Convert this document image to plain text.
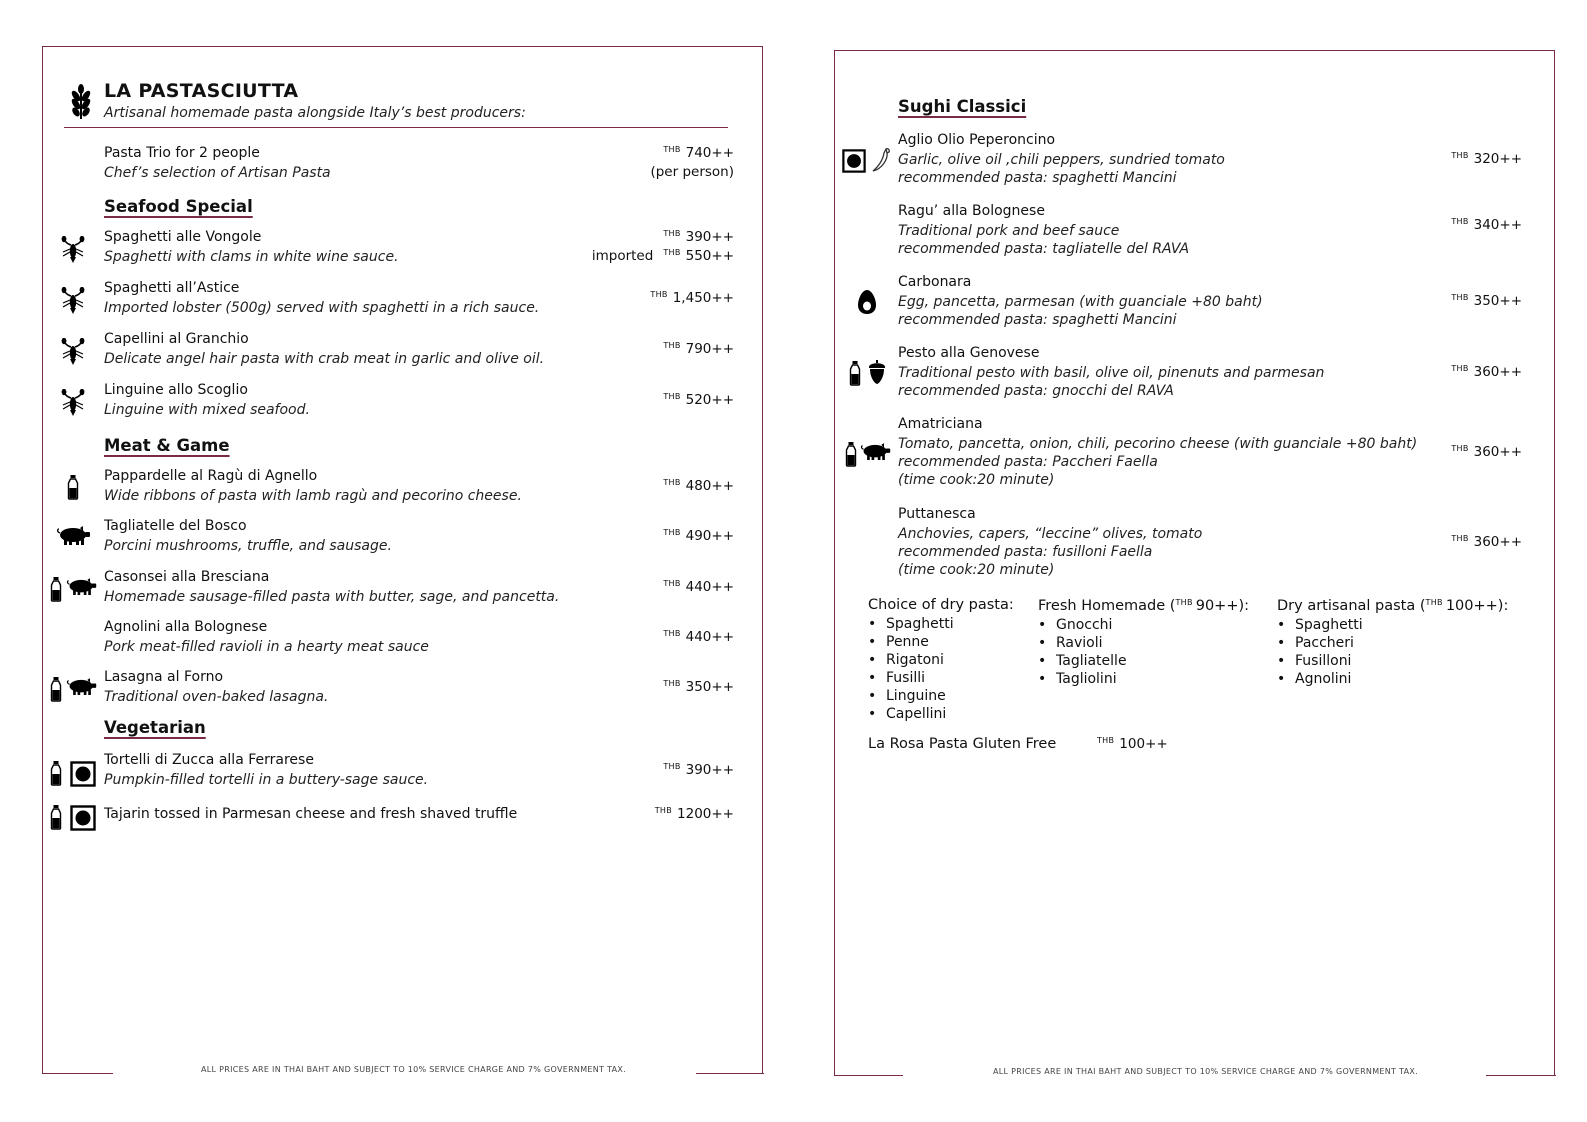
ALL PRICES ARE IN THAI BAHT AND SUBJECT TO 10% SERVICE CHARGE AND 7% GOVERNMENT TAX.	ALL PRICES ARE IN THAI BAHT AND SUBJECT TO 10% SERVICE CHARGE AND 7% GOVERNMENT TAX.
LA PASTASCIUTTA
Artisanal homemade pasta alongside Italy’s best producers:
Pasta Trio for 2 people
Chef’s selection of Artisan Pasta
$^{THB}$ 740++
(per person)
Seafood Special
Spaghetti alle Vongole
Spaghetti with clams in white wine sauce.
$^{THB}$ 390++
imported $^{THB}$ 550++
Spaghetti all’Astice
Imported lobster (500g) served with spaghetti in a rich sauce.
$^{THB}$ 1,450++
Capellini al Granchio
Delicate angel hair pasta with crab meat in garlic and olive oil.
$^{THB}$ 790++
Linguine allo Scoglio
Linguine with mixed seafood.
$^{THB}$ 520++
Meat & Game
Pappardelle al Ragù di Agnello
Wide ribbons of pasta with lamb ragù and pecorino cheese.
$^{THB}$ 480++
Tagliatelle del Bosco
Porcini mushrooms, truffle, and sausage.
$^{THB}$ 490++
Casonsei alla Bresciana
Homemade sausage-filled pasta with butter, sage, and pancetta.
$^{THB}$ 440++
Agnolini alla Bolognese
Pork meat-filled ravioli in a hearty meat sauce
$^{THB}$ 440++
Lasagna al Forno
Traditional oven-baked lasagna.
$^{THB}$ 350++
Vegetarian
Tortelli di Zucca alla Ferrarese
Pumpkin-filled tortelli in a buttery-sage sauce.
$^{THB}$ 390++
Tajarin tossed in Parmesan cheese and fresh shaved truffle	$^{THB}$ 1200++
Sughi Classici
Aglio Olio Peperoncino
Garlic, olive oil ,chili peppers, sundried tomato
recommended pasta: spaghetti Mancini
$^{THB}$ 320++
Ragu’ alla Bolognese
Traditional pork and beef sauce
recommended pasta: tagliatelle del RAVA
$^{THB}$ 340++
Carbonara
Egg, pancetta, parmesan (with guanciale +80 baht)
recommended pasta: spaghetti Mancini
$^{THB}$ 350++
Pesto alla Genovese
Traditional pesto with basil, olive oil, pinenuts and parmesan
recommended pasta: gnocchi del RAVA
$^{THB}$ 360++
Amatriciana
Tomato, pancetta, onion, chili, pecorino cheese (with guanciale +80 baht)
recommended pasta: Paccheri Faella
(time cook:20 minute)
$^{THB}$ 360++
Puttanesca
Anchovies, capers, “leccine” olives, tomato
recommended pasta: fusilloni Faella
(time cook:20 minute)
$^{THB}$ 360++
Choice of dry pasta:
• Spaghetti
• Penne
• Rigatoni
• Fusilli
• Linguine
• Capellini
Fresh Homemade ($^{THB}$ 90++):
• Gnocchi
• Ravioli
• Tagliatelle
• Tagliolini
Dry artisanal pasta ($^{THB}$ 100++):
• Spaghetti
• Paccheri
• Fusilloni
• Agnolini
La Rosa Pasta Gluten Free	$^{THB}$ 100++
